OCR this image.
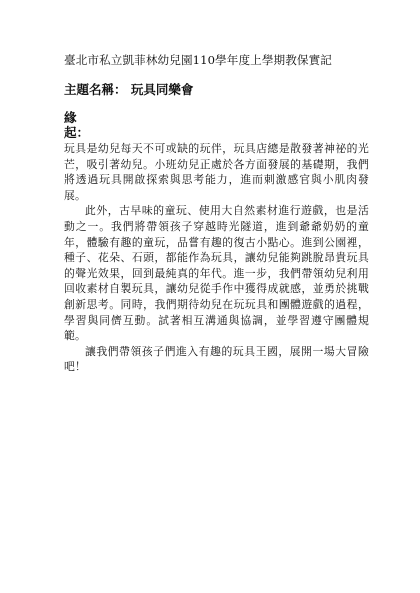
臺北市私立凱菲林幼兒園110學年度上學期教保實記
主題名稱： 玩具同樂會
緣
起：

玩具是幼兒每天不可或缺的玩伴，玩具店總是散發著神祕的光芒，吸引著幼兒。小班幼兒正處於各方面發展的基礎期，我們將透過玩具開啟探索與思考能力，進而刺激感官與小肌肉發展。

此外，古早味的童玩、使用大自然素材進行遊戲，也是活動之一。我們將帶領孩子穿越時光隧道，進到爺爺奶奶的童年，體驗有趣的童玩，品嘗有趣的復古小點心。進到公園裡，種子、花朵、石頭，都能作為玩具，讓幼兒能夠跳脫昂貴玩具的聲光效果，回到最純真的年代。進一步，我們帶領幼兒利用回收素材自製玩具，讓幼兒從手作中獲得成就感，並勇於挑戰創新思考。同時，我們期待幼兒在玩玩具和團體遊戲的過程，學習與同儕互動。試著相互溝通與協調，並學習遵守團體規範。

讓我們帶領孩子們進入有趣的玩具王國，展開一場大冒險吧！
